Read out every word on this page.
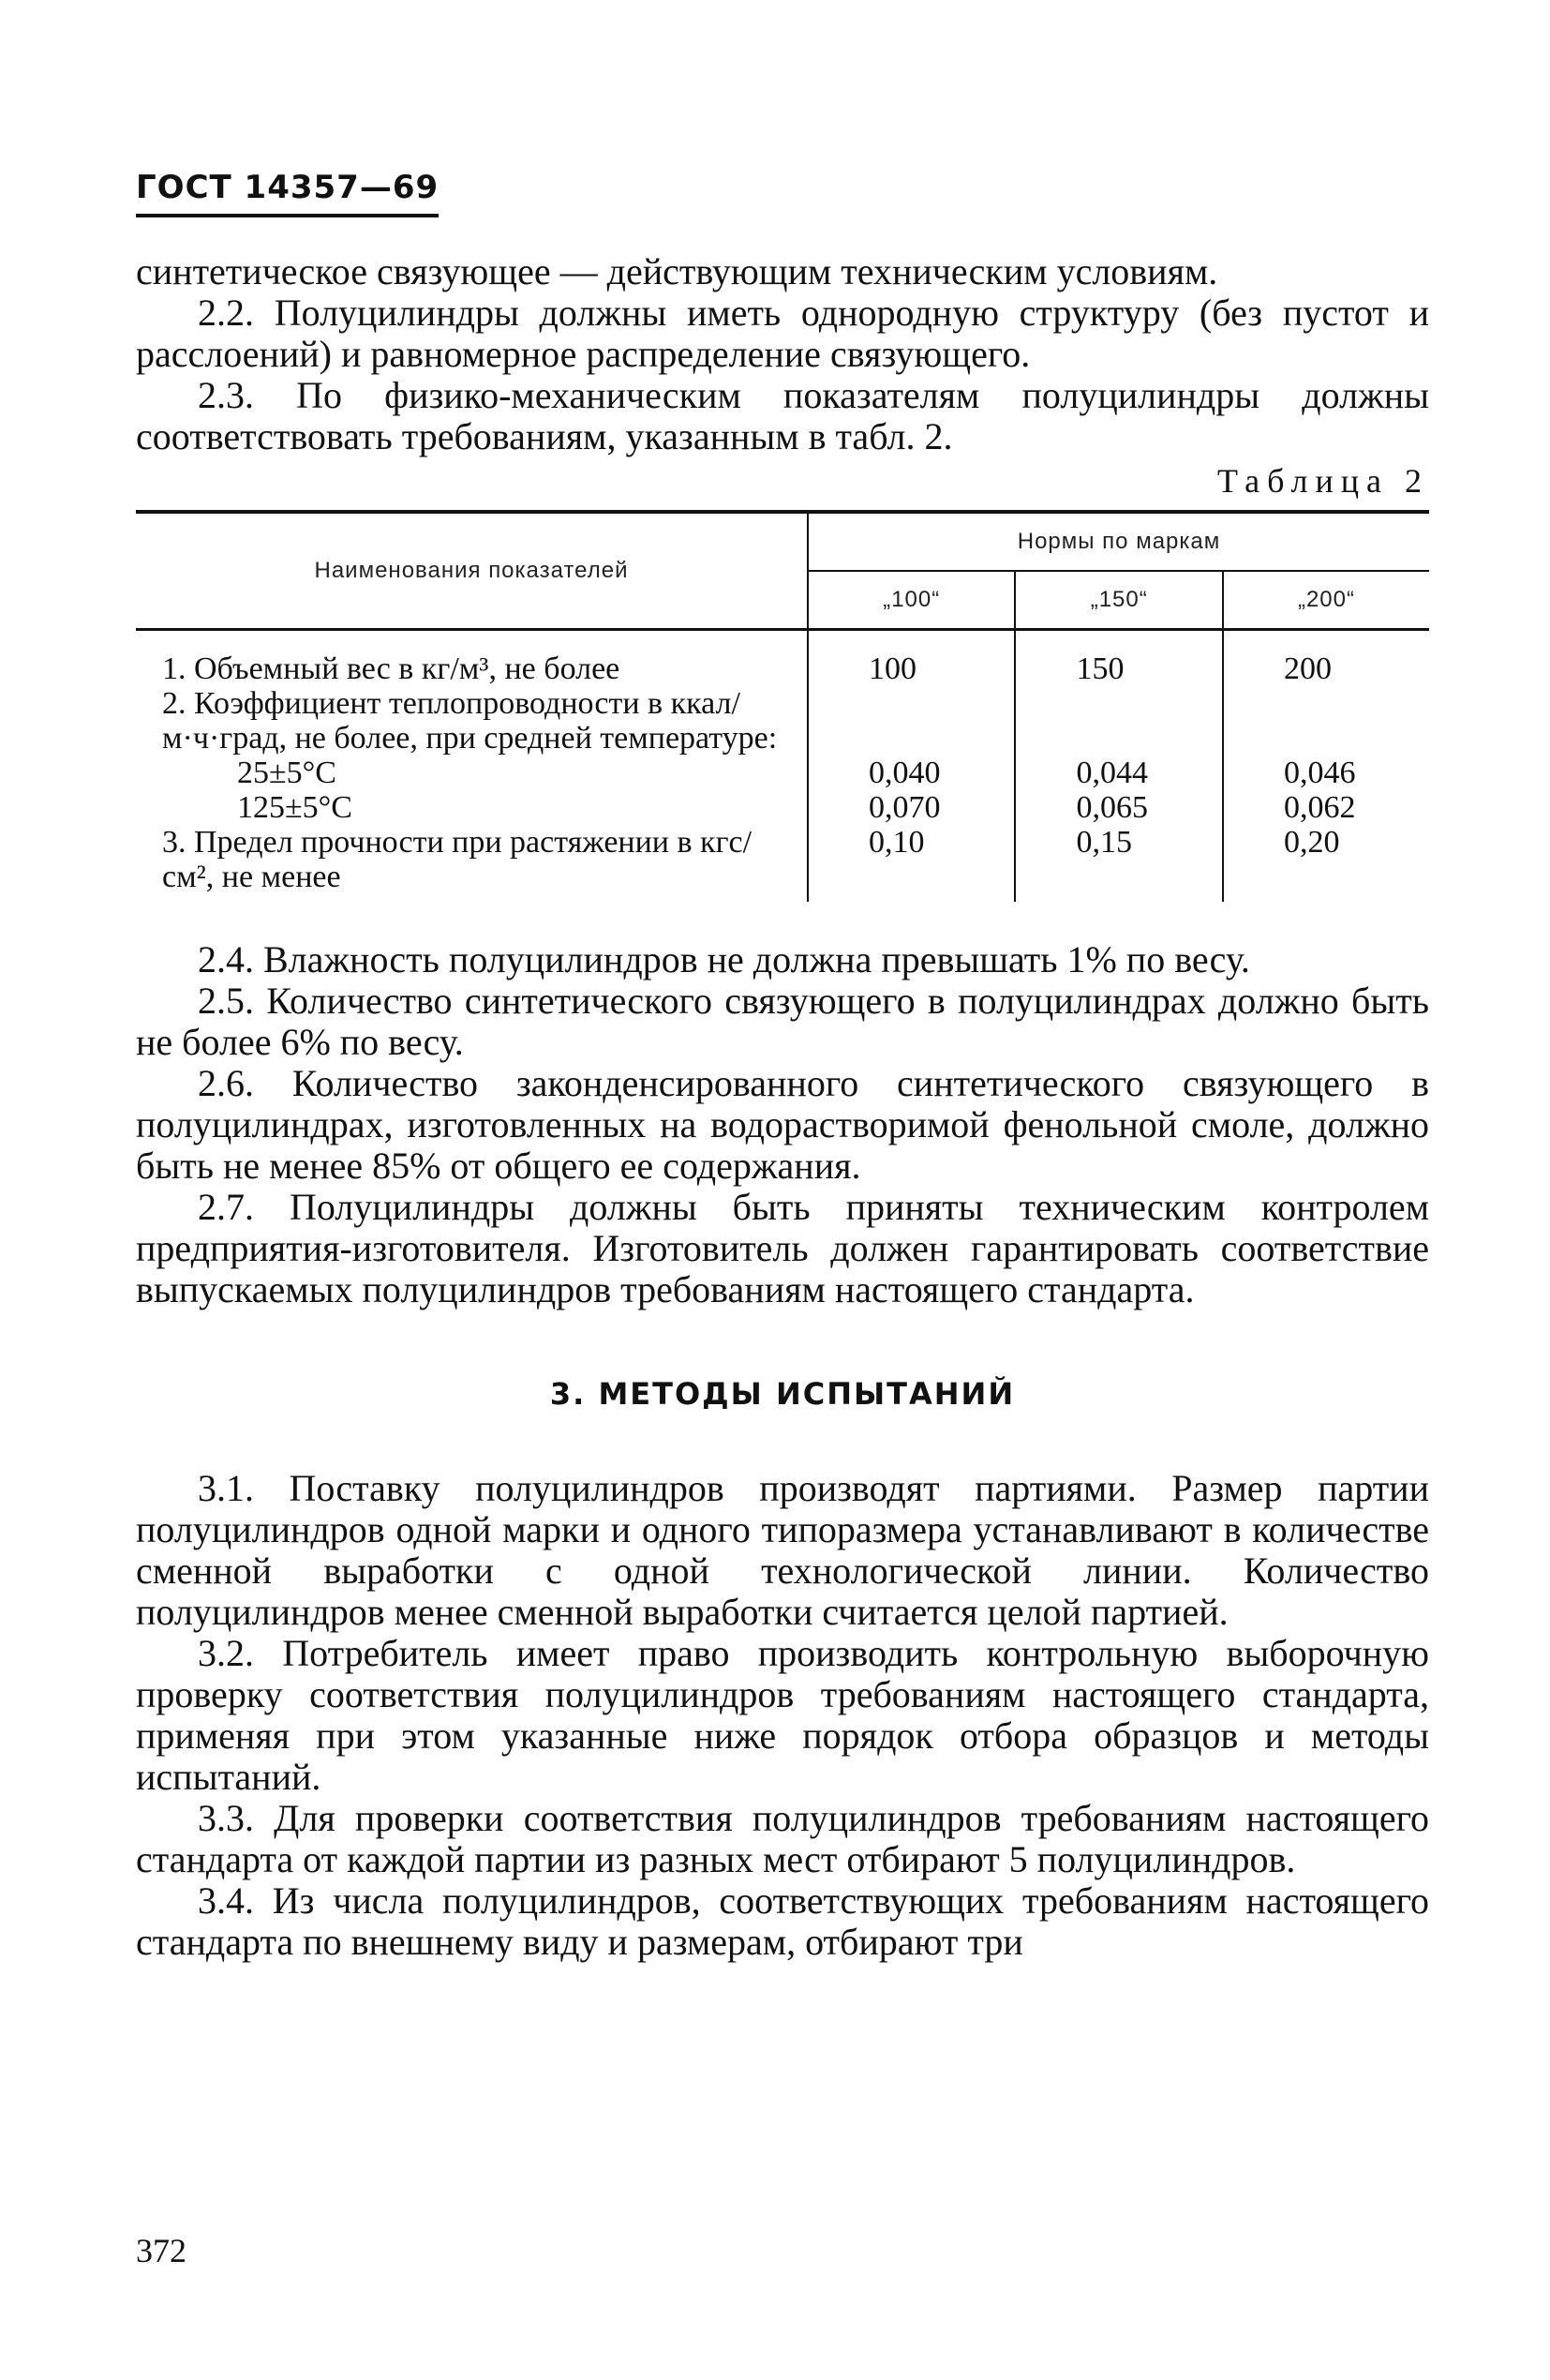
ГОСТ 14357—69

синтетическое связующее — действующим техническим условиям.

2.2. Полуцилиндры должны иметь однородную структуру (без пустот и расслоений) и равномерное распределение связующего.

2.3. По физико-механическим показателям полуцилиндры должны соответствовать требованиям, указанным в табл. 2.

Таблица 2
Наименования показателей	Нормы по маркам		
	„100“	„150“	„200“

1. Объемный вес в кг/м³, не более	100	150	200

2. Коэффициент теплопроводности в ккал/м·ч·град, не более, при средней температуре:			

25±5°С	0,040	0,044	0,046

125±5°С	0,070	0,065	0,062

3. Предел прочности при растяжении в кгс/см², не менее	0,10	0,15	0,20

2.4. Влажность полуцилиндров не должна превышать 1% по весу.

2.5. Количество синтетического связующего в полуцилиндрах должно быть не более 6% по весу.

2.6. Количество законденсированного синтетического связующего в полуцилиндрах, изготовленных на водорастворимой фенольной смоле, должно быть не менее 85% от общего ее содержания.

2.7. Полуцилиндры должны быть приняты техническим контролем предприятия-изготовителя. Изготовитель должен гарантировать соответствие выпускаемых полуцилиндров требованиям настоящего стандарта.

3. МЕТОДЫ ИСПЫТАНИЙ

3.1. Поставку полуцилиндров производят партиями. Размер партии полуцилиндров одной марки и одного типоразмера устанавливают в количестве сменной выработки с одной технологической линии. Количество полуцилиндров менее сменной выработки считается целой партией.

3.2. Потребитель имеет право производить контрольную выборочную проверку соответствия полуцилиндров требованиям настоящего стандарта, применяя при этом указанные ниже порядок отбора образцов и методы испытаний.

3.3. Для проверки соответствия полуцилиндров требованиям настоящего стандарта от каждой партии из разных мест отбирают 5 полуцилиндров.

3.4. Из числа полуцилиндров, соответствующих требованиям настоящего стандарта по внешнему виду и размерам, отбирают три

372
